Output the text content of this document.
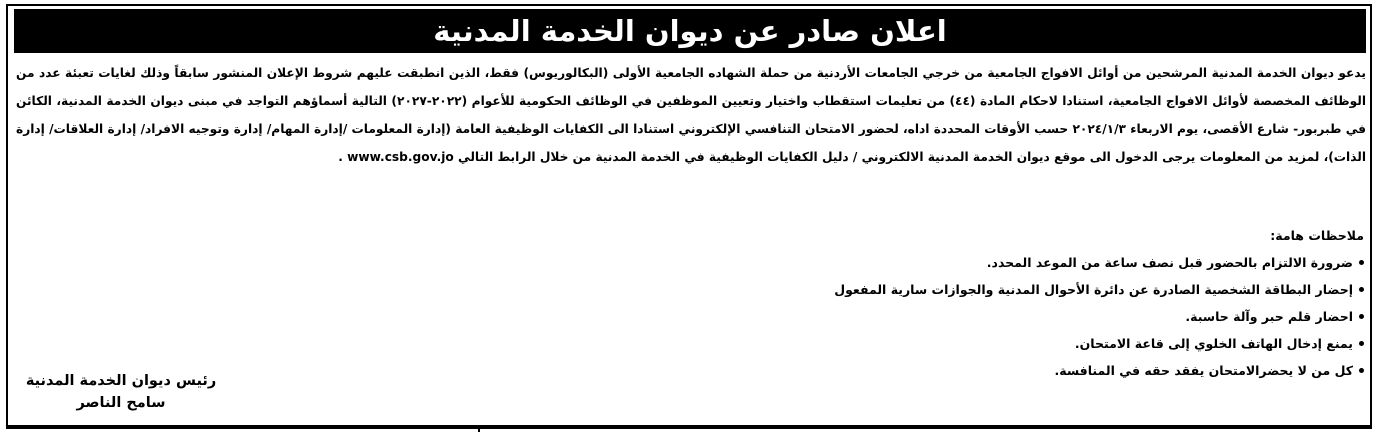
اعلان صادر عن ديوان الخدمة المدنية

يدعو ديوان الخدمة المدنية المرشحين من أوائل الافواج الجامعية من خرجي الجامعات الأردنية من حملة الشهاده الجامعية الأولى (البكالوريوس) فقط، الذين انطبقت عليهم شروط الإعلان المنشور سابقاً وذلك لغايات تعبئة عدد من الوظائف المخصصة لأوائل الافواج الجامعية، استنادا لاحكام المادة (٤٤) من تعليمات استقطاب واختيار وتعيين الموظفين في الوظائف الحكومية للأعوام (٢٠٢٢-٢٠٢٧) التالية أسماؤهم التواجد في مبنى ديوان الخدمة المدنية، الكائن في طبربور- شارع الأقصى، يوم الاربعاء ٢٠٢٤/١/٣ حسب الأوقات المحددة اداه، لحضور الامتحان التنافسي الإلكتروني استنادا الى الكفايات الوظيفية العامة (إدارة المعلومات /إدارة المهام/ إدارة وتوجيه الافراد/ إدارة العلاقات/ إدارة الذات)، لمزيد من المعلومات يرجى الدخول الى موقع ديوان الخدمة المدنية الالكتروني / دليل الكفايات الوظيفية في الخدمة المدنية من خلال الرابط التالي www.csb.gov.jo .

ملاحظات هامة:
ضرورة الالتزام بالحضور قبل نصف ساعة من الموعد المحدد.
إحضار البطاقة الشخصية الصادرة عن دائرة الأحوال المدنية والجوازات سارية المفعول
احضار قلم حبر وآلة حاسبة.
يمنع إدخال الهاتف الخلوي إلى قاعة الامتحان.
كل من لا يحضرالامتحان يفقد حقه في المنافسة.
رئيس ديوان الخدمة المدنية
سامح الناصر
